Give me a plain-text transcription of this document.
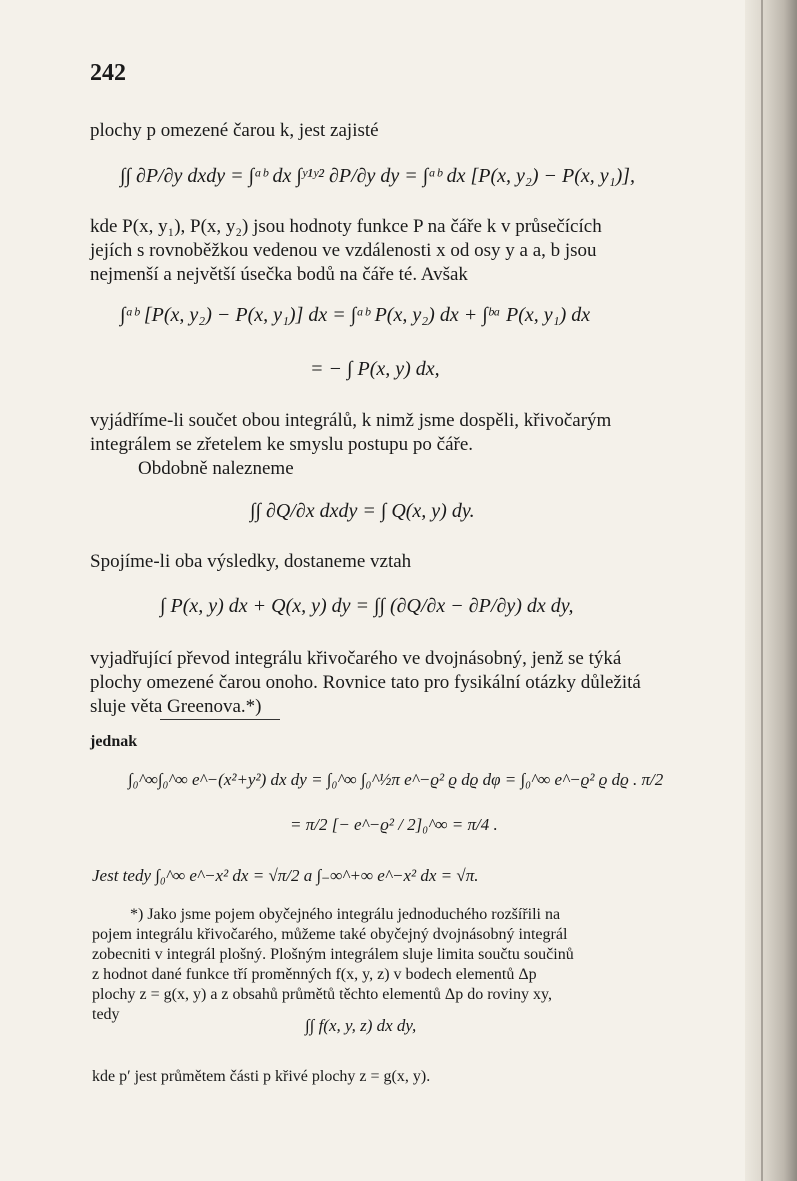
242
plochy p omezené čarou k, jest zajisté
∫∫ ∂P/∂y dxdy = ∫ᵃᵇ dx ∫ʸ¹ʸ² ∂P/∂y dy = ∫ᵃᵇ dx [P(x, y₂) − P(x, y₁)],
kde P(x, y₁), P(x, y₂) jsou hodnoty funkce P na čáře k v průsečících
jejích s rovnoběžkou vedenou ve vzdálenosti x od osy y a a, b jsou
nejmenší a největší úsečka bodů na čáře té. Avšak
∫ᵃᵇ [P(x, y₂) − P(x, y₁)] dx = ∫ᵃᵇ P(x, y₂) dx + ∫ᵇᵃ P(x, y₁) dx
= − ∫ P(x, y) dx,
vyjádříme-li součet obou integrálů, k nimž jsme dospěli, křivočarým
integrálem se zřetelem ke smyslu postupu po čáře.
Obdobně nalezneme
∫∫ ∂Q/∂x dxdy = ∫ Q(x, y) dy.
Spojíme-li oba výsledky, dostaneme vztah
∫ P(x, y) dx + Q(x, y) dy = ∫∫ (∂Q/∂x − ∂P/∂y) dx dy,
vyjadřující převod integrálu křivočarého ve dvojnásobný, jenž se týká
plochy omezené čarou onoho. Rovnice tato pro fysikální otázky důležitá
sluje věta Greenova.*)
jednak
∫₀^∞∫₀^∞ e^−(x²+y²) dx dy = ∫₀^∞ ∫₀^½π e^−ϱ² ϱ dϱ dφ = ∫₀^∞ e^−ϱ² ϱ dϱ . π/2
= π/2 [− e^−ϱ² / 2]₀^∞ = π/4 .
Jest tedy ∫₀^∞ e^−x² dx = √π/2 a ∫₋∞^+∞ e^−x² dx = √π.
*) Jako jsme pojem obyčejného integrálu jednoduchého rozšířili na
pojem integrálu křivočarého, můžeme také obyčejný dvojnásobný integrál
zobecniti v integrál plošný. Plošným integrálem sluje limita součtu součinů
z hodnot dané funkce tří proměnných f(x, y, z) v bodech elementů Δp
plochy z = g(x, y) a z obsahů průmětů těchto elementů Δp do roviny xy,
tedy
∫∫ f(x, y, z) dx dy,
kde p′ jest průmětem části p křivé plochy z = g(x, y).
